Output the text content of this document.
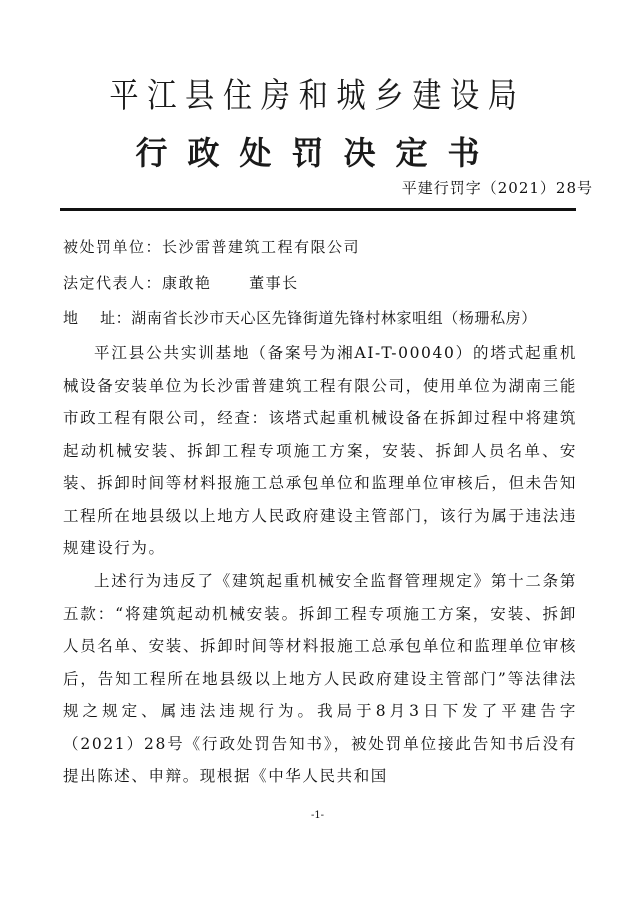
平江县住房和城乡建设局
行政处罚决定书
平建行罚字（2021）28号
被处罚单位：长沙雷普建筑工程有限公司
法定代表人：康敢艳      董事长
地    址：湖南省长沙市天心区先锋街道先锋村林家咀组（杨珊私房）

平江县公共实训基地（备案号为湘AI-T-00040）的塔式起重机械设备安装单位为长沙雷普建筑工程有限公司，使用单位为湖南三能市政工程有限公司，经查：该塔式起重机械设备在拆卸过程中将建筑起动机械安装、拆卸工程专项施工方案，安装、拆卸人员名单、安装、拆卸时间等材料报施工总承包单位和监理单位审核后，但未告知工程所在地县级以上地方人民政府建设主管部门，该行为属于违法违规建设行为。

上述行为违反了《建筑起重机械安全监督管理规定》第十二条第五款：“将建筑起动机械安装。拆卸工程专项施工方案，安装、拆卸人员名单、安装、拆卸时间等材料报施工总承包单位和监理单位审核后，告知工程所在地县级以上地方人民政府建设主管部门”等法律法规之规定、属违法违规行为。我局于8月3日下发了平建告字（2021）28号《行政处罚告知书》，被处罚单位接此告知书后没有提出陈述、申辩。现根据《中华人民共和国

-1-
